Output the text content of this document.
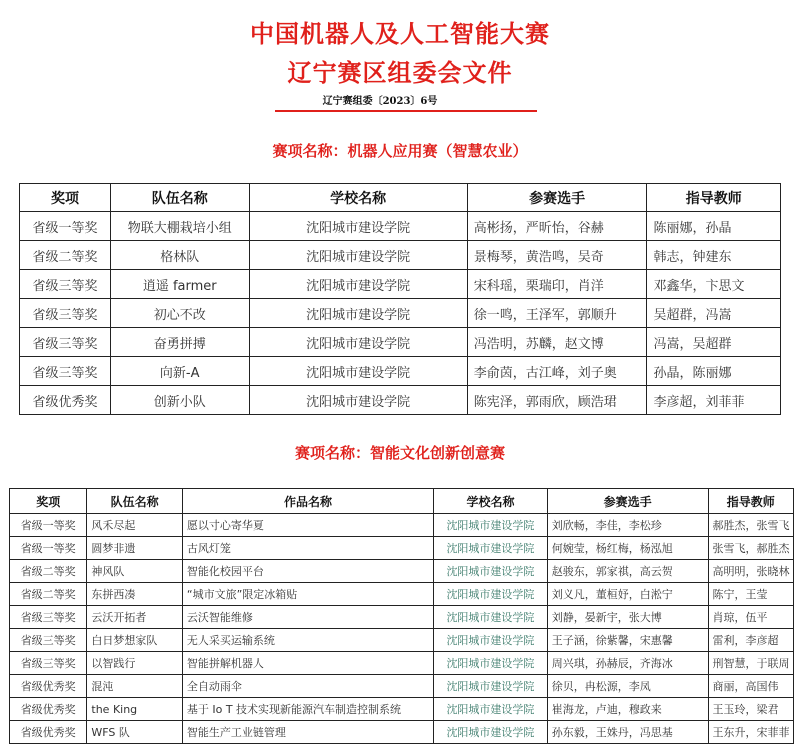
中国机器人及人工智能大赛
辽宁赛区组委会文件
辽宁赛组委〔2023〕6号
赛项名称：机器人应用赛（智慧农业）
奖项	队伍名称	学校名称	参赛选手	指导教师
省级一等奖	物联大棚栽培小组	沈阳城市建设学院	高彬扬，严昕怡，谷赫	陈丽娜，孙晶
省级二等奖	格林队	沈阳城市建设学院	景梅琴，黄浩鸣，吴奇	韩志，钟建东
省级三等奖	逍遥 farmer	沈阳城市建设学院	宋科瑶，栗瑞印，肖洋	邓鑫华，卞思文
省级三等奖	初心不改	沈阳城市建设学院	徐一鸣，王泽军，郭顺升	吴超群，冯嵩
省级三等奖	奋勇拼搏	沈阳城市建设学院	冯浩明，苏麟，赵文博	冯嵩，吴超群
省级三等奖	向新-A	沈阳城市建设学院	李俞茵，古江峰，刘子奥	孙晶，陈丽娜
省级优秀奖	创新小队	沈阳城市建设学院	陈宪泽，郭雨欣，顾浩珺	李彦超，刘菲菲
赛项名称：智能文化创新创意赛
奖项	队伍名称	作品名称	学校名称	参赛选手	指导教师
省级一等奖	风禾尽起	愿以寸心寄华夏	沈阳城市建设学院	刘欣畅，李佳，李松珍	郝胜杰，张雪飞
省级一等奖	圆梦非遗	古风灯笼	沈阳城市建设学院	何婉莹，杨红梅，杨泓旭	张雪飞，郝胜杰
省级二等奖	神风队	智能化校园平台	沈阳城市建设学院	赵骏东，郭家祺，高云贺	高明明，张晓林
省级二等奖	东拼西凑	“城市文旅”限定冰箱贴	沈阳城市建设学院	刘义凡，董桓妤，白淞宁	陈宁，王莹
省级三等奖	云沃开拓者	云沃智能维修	沈阳城市建设学院	刘静，晏新宇，张大博	肖琼，伍平
省级三等奖	白日梦想家队	无人采买运输系统	沈阳城市建设学院	王子涵，徐紫馨，宋惠馨	雷利，李彦超
省级三等奖	以智践行	智能拼解机器人	沈阳城市建设学院	周兴琪，孙赫辰，齐海冰	刑智慧，于联周
省级优秀奖	混沌	全自动雨伞	沈阳城市建设学院	徐贝，冉松源，李凤	商丽，高国伟
省级优秀奖	the King	基于 Io T 技术实现新能源汽车制造控制系统	沈阳城市建设学院	崔海龙，卢迪，穆政来	王玉玲，梁君
省级优秀奖	WFS 队	智能生产工业链管理	沈阳城市建设学院	孙东毅，王姝丹，冯思基	王东升，宋菲菲
